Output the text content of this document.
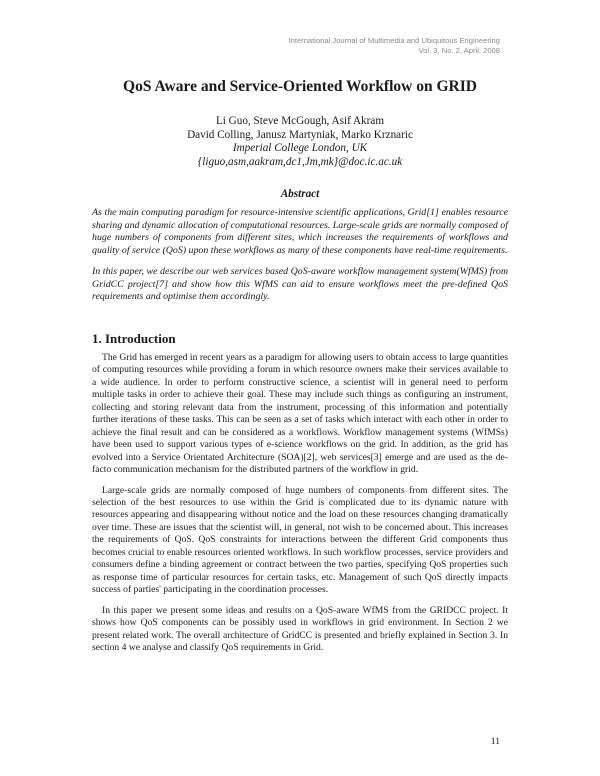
International Journal of Multimedia and Ubiquitous Engineering
Vol. 3, No. 2, April, 2008
QoS Aware and Service-Oriented Workflow on GRID
Li Guo, Steve McGough, Asif Akram
David Colling, Janusz Martyniak, Marko Krznaric
Imperial College London, UK
{liguo,asm,aakram,dc1,Jm,mk}@doc.ic.ac.uk
Abstract

As the main computing paradigm for resource-intensive scientific applications, Grid[1] enables resource sharing and dynamic allocation of computational resources. Large-scale grids are normally composed of huge numbers of components from different sites, which increases the requirements of workflows and quality of service (QoS) upon these workflows as many of these components have real-time requirements.

In this paper, we describe our web services based QoS-aware workflow management system(WfMS) from GridCC project[7] and show how this WfMS can aid to ensure workflows meet the pre-defined QoS requirements and optimise them accordingly.

1. Introduction

The Grid has emerged in recent years as a paradigm for allowing users to obtain access to large quantities of computing resources while providing a forum in which resource owners make their services available to a wide audience. In order to perform constructive science, a scientist will in general need to perform multiple tasks in order to achieve their goal. These may include such things as configuring an instrument, collecting and storing relevant data from the instrument, processing of this information and potentially further iterations of these tasks. This can be seen as a set of tasks which interact with each other in order to achieve the final result and can be considered as a workflows. Workflow management systems (WfMSs) have been used to support various types of e-science workflows on the grid. In addition, as the grid has evolved into a Service Orientated Architecture (SOA)[2], web services[3] emerge and are used as the de-facto communication mechanism for the distributed partners of the workflow in grid.

Large-scale grids are normally composed of huge numbers of components from different sites. The selection of the best resources to use within the Grid is complicated due to its dynamic nature with resources appearing and disappearing without notice and the load on these resources changing dramatically over time. These are issues that the scientist will, in general, not wish to be concerned about. This increases the requirements of QoS. QoS constraints for interactions between the different Grid components thus becomes crucial to enable resources oriented workflows. In such workflow processes, service providers and consumers define a binding agreement or contract between the two parties, specifying QoS properties such as response time of particular resources for certain tasks, etc. Management of such QoS directly impacts success of parties' participating in the coordination processes.

In this paper we present some ideas and results on a QoS-aware WfMS from the GRIDCC project. It shows how QoS components can be possibly used in workflows in grid environment. In Section 2 we present related work. The overall architecture of GridCC is presented and briefly explained in Section 3. In section 4 we analyse and classify QoS requirements in Grid.

11
